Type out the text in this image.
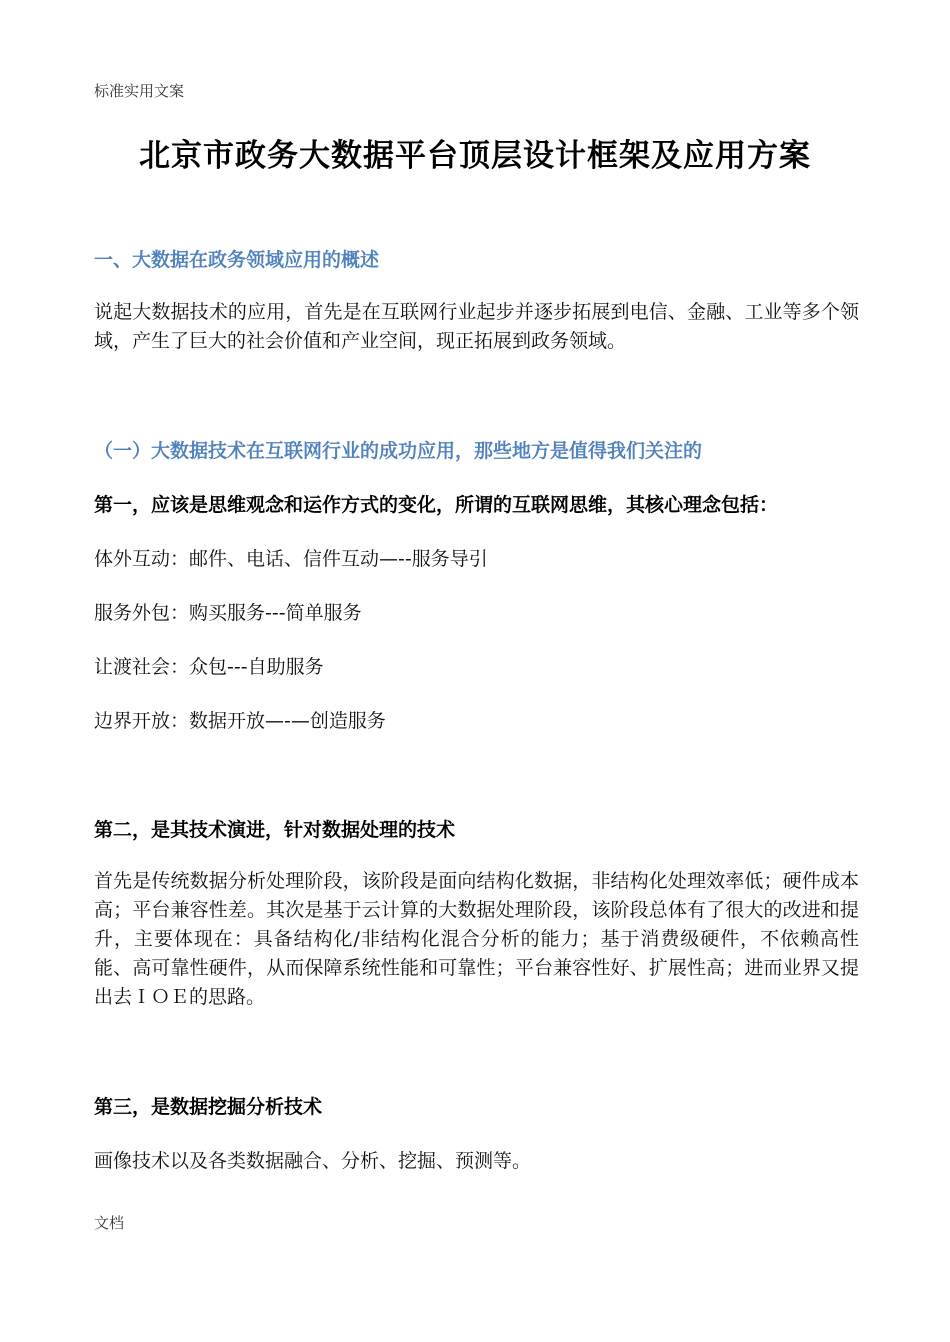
标准实用文案
北京市政务大数据平台顶层设计框架及应用方案
一、大数据在政务领域应用的概述

说起大数据技术的应用，首先是在互联网行业起步并逐步拓展到电信、金融、工业等多个领域，产生了巨大的社会价值和产业空间，现正拓展到政务领域。

（一）大数据技术在互联网行业的成功应用，那些地方是值得我们关注的

第一，应该是思维观念和运作方式的变化，所谓的互联网思维，其核心理念包括：

体外互动：邮件、电话、信件互动—--服务导引

服务外包：购买服务---简单服务

让渡社会：众包---自助服务

边界开放：数据开放—-—创造服务

第二，是其技术演进，针对数据处理的技术

首先是传统数据分析处理阶段，该阶段是面向结构化数据，非结构化处理效率低；硬件成本高；平台兼容性差。其次是基于云计算的大数据处理阶段，该阶段总体有了很大的改进和提升，主要体现在：具备结构化/非结构化混合分析的能力；基于消费级硬件，不依赖高性能、高可靠性硬件，从而保障系统性能和可靠性；平台兼容性好、扩展性高；进而业界又提出去ＩＯＥ的思路。

第三，是数据挖掘分析技术

画像技术以及各类数据融合、分析、挖掘、预测等。

文档
